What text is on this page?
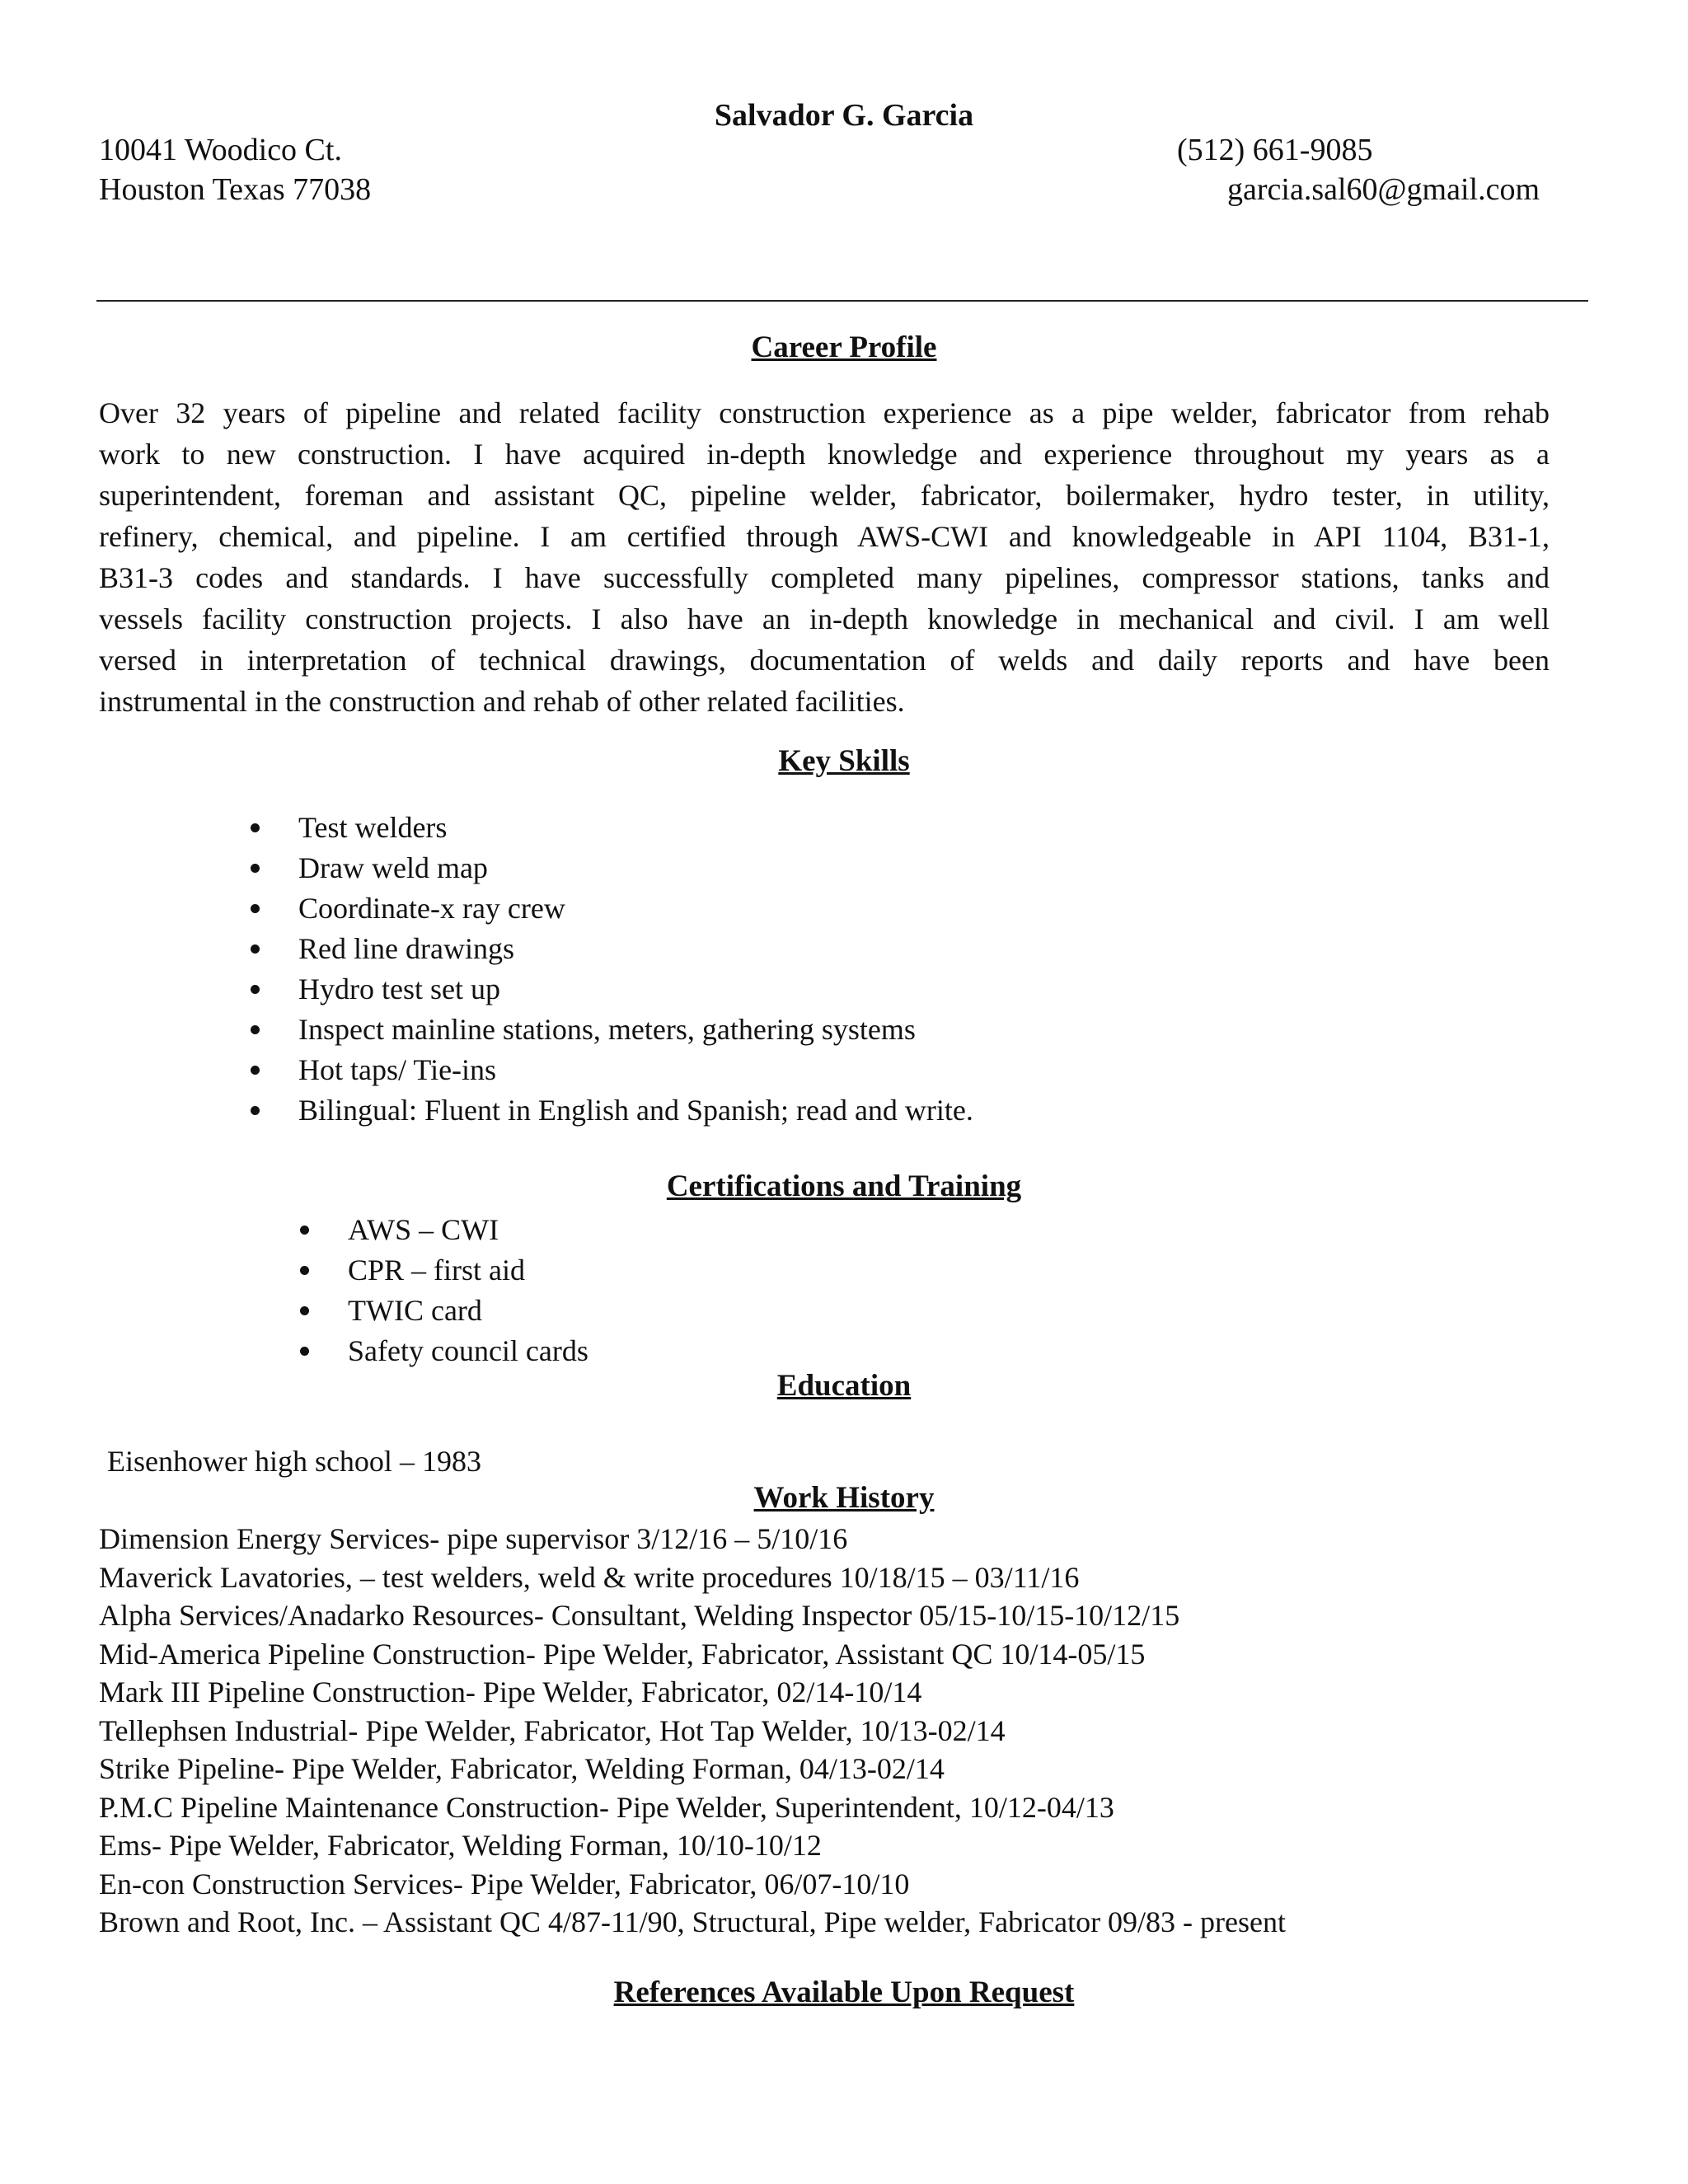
Salvador G. Garcia
10041 Woodico Ct.
Houston Texas 77038
(512) 661-9085
garcia.sal60@gmail.com
Career Profile
Over 32 years of pipeline and related facility construction experience as a pipe welder, fabricator from rehab
work to new construction. I have acquired in-depth knowledge and experience throughout my years as a
superintendent, foreman and assistant QC, pipeline welder, fabricator, boilermaker, hydro tester, in utility,
refinery, chemical, and pipeline. I am certified through AWS-CWI and knowledgeable in API 1104, B31-1,
B31-3 codes and standards. I have successfully completed many pipelines, compressor stations, tanks and
vessels facility construction projects. I also have an in-depth knowledge in mechanical and civil. I am well
versed in interpretation of technical drawings, documentation of welds and daily reports and have been
instrumental in the construction and rehab of other related facilities.
Key Skills
Test welders
Draw weld map
Coordinate-x ray crew
Red line drawings
Hydro test set up
Inspect mainline stations, meters, gathering systems
Hot taps/ Tie-ins
Bilingual: Fluent in English and Spanish; read and write.
Certifications and Training
AWS – CWI
CPR – first aid
TWIC card
Safety council cards
Education
Eisenhower high school – 1983
Work History
Dimension Energy Services- pipe supervisor 3/12/16 – 5/10/16
Maverick Lavatories, – test welders, weld & write procedures 10/18/15 – 03/11/16
Alpha Services/Anadarko Resources- Consultant, Welding Inspector 05/15-10/15-10/12/15
Mid-America Pipeline Construction- Pipe Welder, Fabricator, Assistant QC 10/14-05/15
Mark III Pipeline Construction- Pipe Welder, Fabricator, 02/14-10/14
Tellephsen Industrial- Pipe Welder, Fabricator, Hot Tap Welder, 10/13-02/14
Strike Pipeline- Pipe Welder, Fabricator, Welding Forman, 04/13-02/14
P.M.C Pipeline Maintenance Construction- Pipe Welder, Superintendent, 10/12-04/13
Ems- Pipe Welder, Fabricator, Welding Forman, 10/10-10/12
En-con Construction Services- Pipe Welder, Fabricator, 06/07-10/10
Brown and Root, Inc. – Assistant QC 4/87-11/90, Structural, Pipe welder, Fabricator 09/83 - present
References Available Upon Request
